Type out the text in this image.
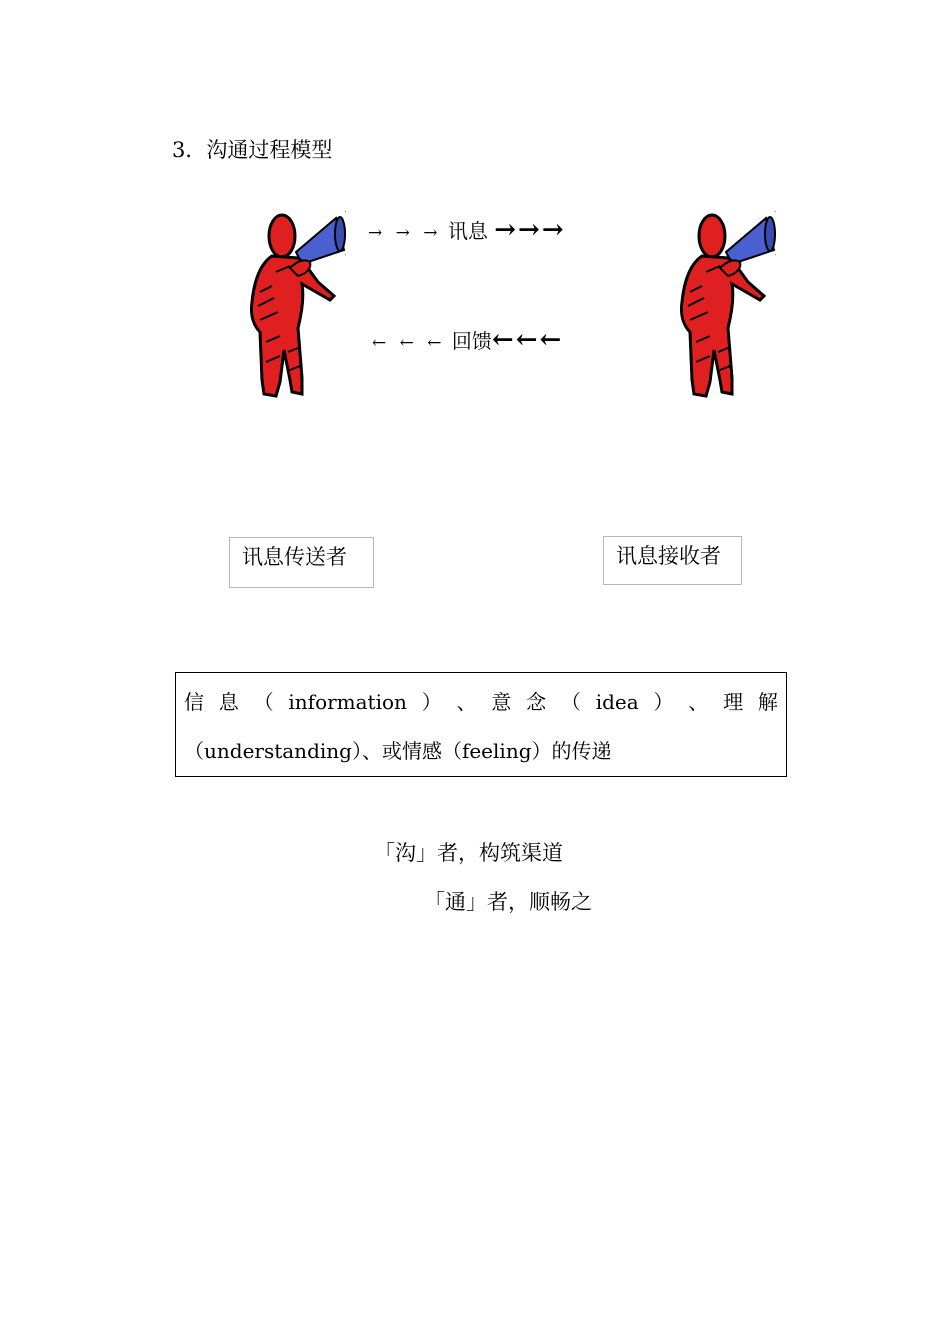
3．沟通过程模型
→ → → 讯息 →→→
← ← ← 回馈←←←
讯息传送者	讯息接收者
信 息 （ information ） 、 意 念 （ idea ） 、 理 解
（understanding）、或情感（feeling）的传递
「沟」者，构筑渠道
「通」者，顺畅之
